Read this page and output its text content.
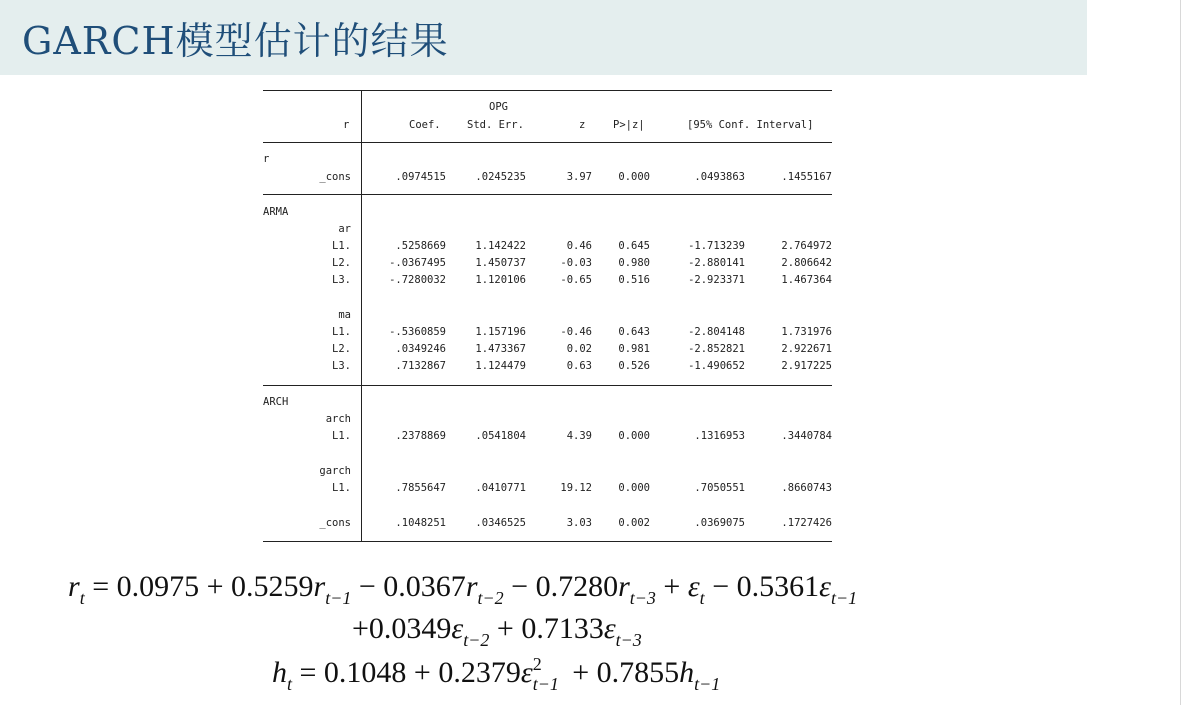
GARCH模型估计的结果
OPG
r	Coef.	Std. Err.	z	P>|z|	[95% Conf. Interval]
r
_cons	.0974515	.0245235	3.97	0.000	.0493863	.1455167
ARMA
ar
L1.	.5258669	1.142422	0.46	0.645	-1.713239	2.764972
L2.	-.0367495	1.450737	-0.03	0.980	-2.880141	2.806642
L3.	-.7280032	1.120106	-0.65	0.516	-2.923371	1.467364
ma
L1.	-.5360859	1.157196	-0.46	0.643	-2.804148	1.731976
L2.	.0349246	1.473367	0.02	0.981	-2.852821	2.922671
L3.	.7132867	1.124479	0.63	0.526	-1.490652	2.917225
ARCH
arch
L1.	.2378869	.0541804	4.39	0.000	.1316953	.3440784
garch
L1.	.7855647	.0410771	19.12	0.000	.7050551	.8660743
_cons	.1048251	.0346525	3.03	0.002	.0369075	.1727426
$r_t = 0.0975 + 0.5259r_{t-1} - 0.0367r_{t-2} - 0.7280r_{t-3} + \varepsilon_t - 0.5361\varepsilon_{t-1}$
$+0.0349\varepsilon_{t-2} + 0.7133\varepsilon_{t-3}$
$h_t = 0.1048 + 0.2379\varepsilon$ 2
$t-1 + 0.7855h_{t-1}$
